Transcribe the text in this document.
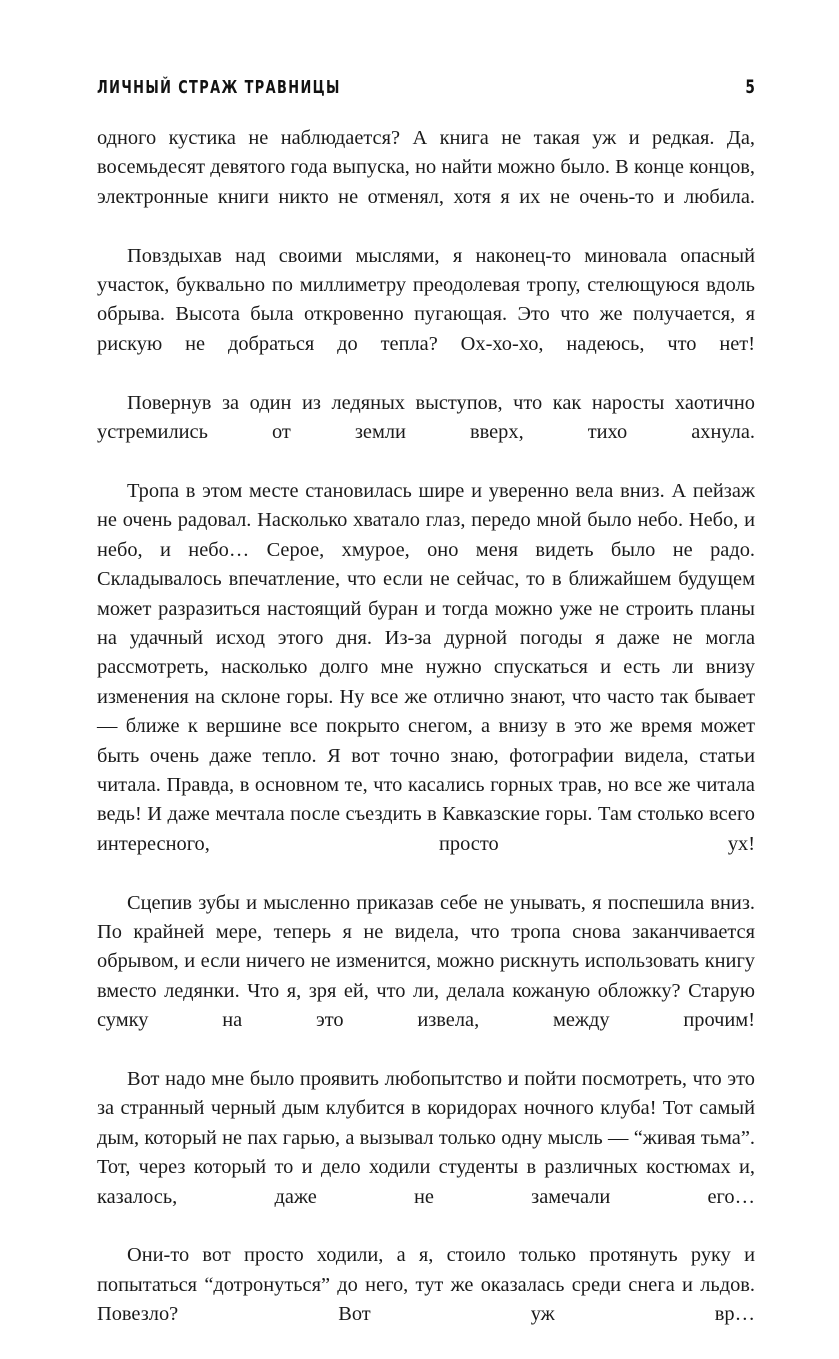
ЛИЧНЫЙ СТРАЖ ТРАВНИЦЫ	5

одного кустика не наблюдается? А книга не такая уж и редкая. Да, восемьдесят девятого года выпуска, но найти можно было. В конце концов, электронные книги никто не отменял, хотя я их не очень-то и любила.

Повздыхав над своими мыслями, я наконец-то миновала опасный участок, буквально по миллиметру преодолевая тропу, стелющуюся вдоль обрыва. Высота была откровенно пугающая. Это что же получается, я рискую не добраться до тепла? Ох-хо-хо, надеюсь, что нет!

Повернув за один из ледяных выступов, что как наросты хаотично устремились от земли вверх, тихо ахнула.

Тропа в этом месте становилась шире и уверенно вела вниз. А пейзаж не очень радовал. Насколько хватало глаз, передо мной было небо. Небо, и небо, и небо… Серое, хмурое, оно меня видеть было не радо. Складывалось впечатление, что если не сейчас, то в ближайшем будущем может разразиться настоящий буран и тогда можно уже не строить планы на удачный исход этого дня. Из-за дурной погоды я даже не могла рассмотреть, насколько долго мне нужно спускаться и есть ли внизу изменения на склоне горы. Ну все же отлично знают, что часто так бывает — ближе к вершине все покрыто снегом, а внизу в это же время может быть очень даже тепло. Я вот точно знаю, фотографии видела, статьи читала. Правда, в основном те, что касались горных трав, но все же читала ведь! И даже мечтала после съездить в Кавказские горы. Там столько всего интересного, просто ух!

Сцепив зубы и мысленно приказав себе не унывать, я поспешила вниз. По крайней мере, теперь я не видела, что тропа снова заканчивается обрывом, и если ничего не изменится, можно рискнуть использовать книгу вместо ледянки. Что я, зря ей, что ли, делала кожаную обложку? Старую сумку на это извела, между прочим!

Вот надо мне было проявить любопытство и пойти посмотреть, что это за странный черный дым клубится в коридорах ночного клуба! Тот самый дым, который не пах гарью, а вызывал только одну мысль — “живая тьма”. Тот, через который то и дело ходили студенты в различных костюмах и, казалось, даже не замечали его…

Они-то вот просто ходили, а я, стоило только протянуть руку и попытаться “дотронуться” до него, тут же оказалась среди снега и льдов. Повезло? Вот уж вр…
